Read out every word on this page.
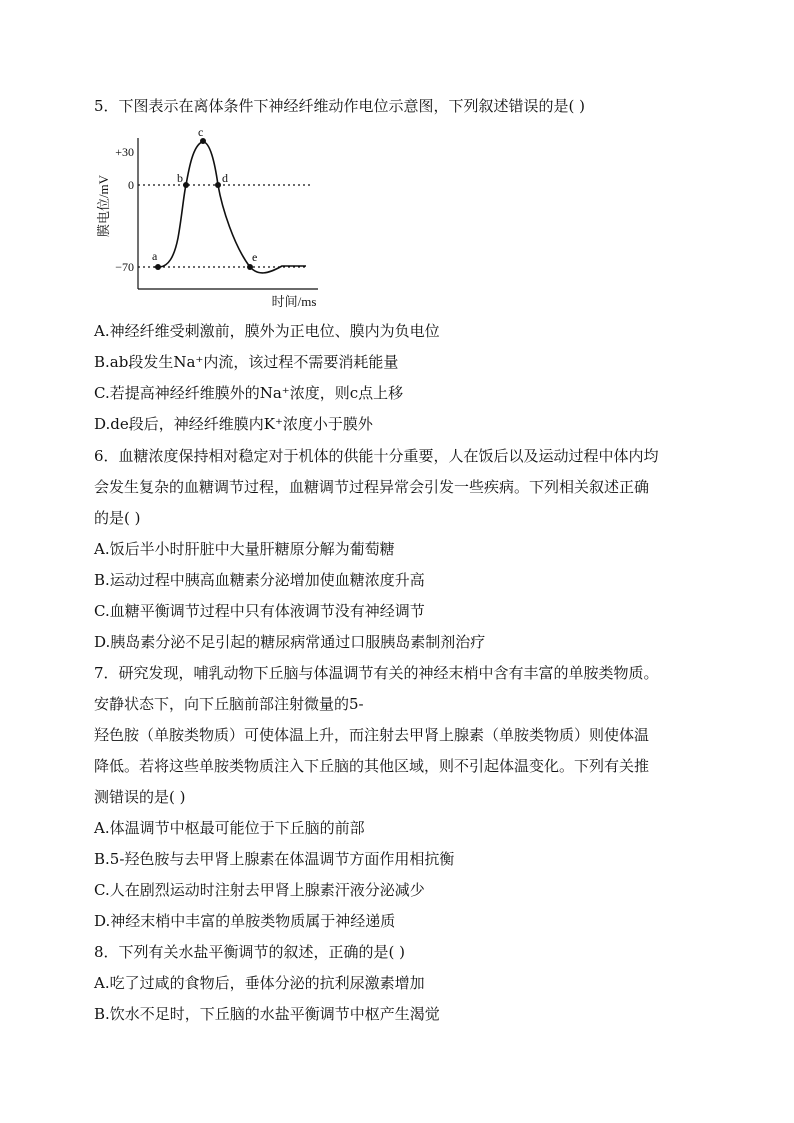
5．下图表示在离体条件下神经纤维动作电位示意图，下列叙述错误的是( )
a
b
c
d
e
+30
0
−70
膜电位/mV
时间/ms
A.神经纤维受刺激前，膜外为正电位、膜内为负电位
B.ab段发生Na⁺内流，该过程不需要消耗能量
C.若提高神经纤维膜外的Na⁺浓度，则c点上移
D.de段后，神经纤维膜内K⁺浓度小于膜外
6．血糖浓度保持相对稳定对于机体的供能十分重要，人在饭后以及运动过程中体内均
会发生复杂的血糖调节过程，血糖调节过程异常会引发一些疾病。下列相关叙述正确
的是( )
A.饭后半小时肝脏中大量肝糖原分解为葡萄糖
B.运动过程中胰高血糖素分泌增加使血糖浓度升高
C.血糖平衡调节过程中只有体液调节没有神经调节
D.胰岛素分泌不足引起的糖尿病常通过口服胰岛素制剂治疗
7．研究发现，哺乳动物下丘脑与体温调节有关的神经末梢中含有丰富的单胺类物质。
安静状态下，向下丘脑前部注射微量的5-
羟色胺（单胺类物质）可使体温上升，而注射去甲肾上腺素（单胺类物质）则使体温
降低。若将这些单胺类物质注入下丘脑的其他区域，则不引起体温变化。下列有关推
测错误的是( )
A.体温调节中枢最可能位于下丘脑的前部
B.5-羟色胺与去甲肾上腺素在体温调节方面作用相抗衡
C.人在剧烈运动时注射去甲肾上腺素汗液分泌减少
D.神经末梢中丰富的单胺类物质属于神经递质
8．下列有关水盐平衡调节的叙述，正确的是( )
A.吃了过咸的食物后，垂体分泌的抗利尿激素增加
B.饮水不足时，下丘脑的水盐平衡调节中枢产生渴觉
